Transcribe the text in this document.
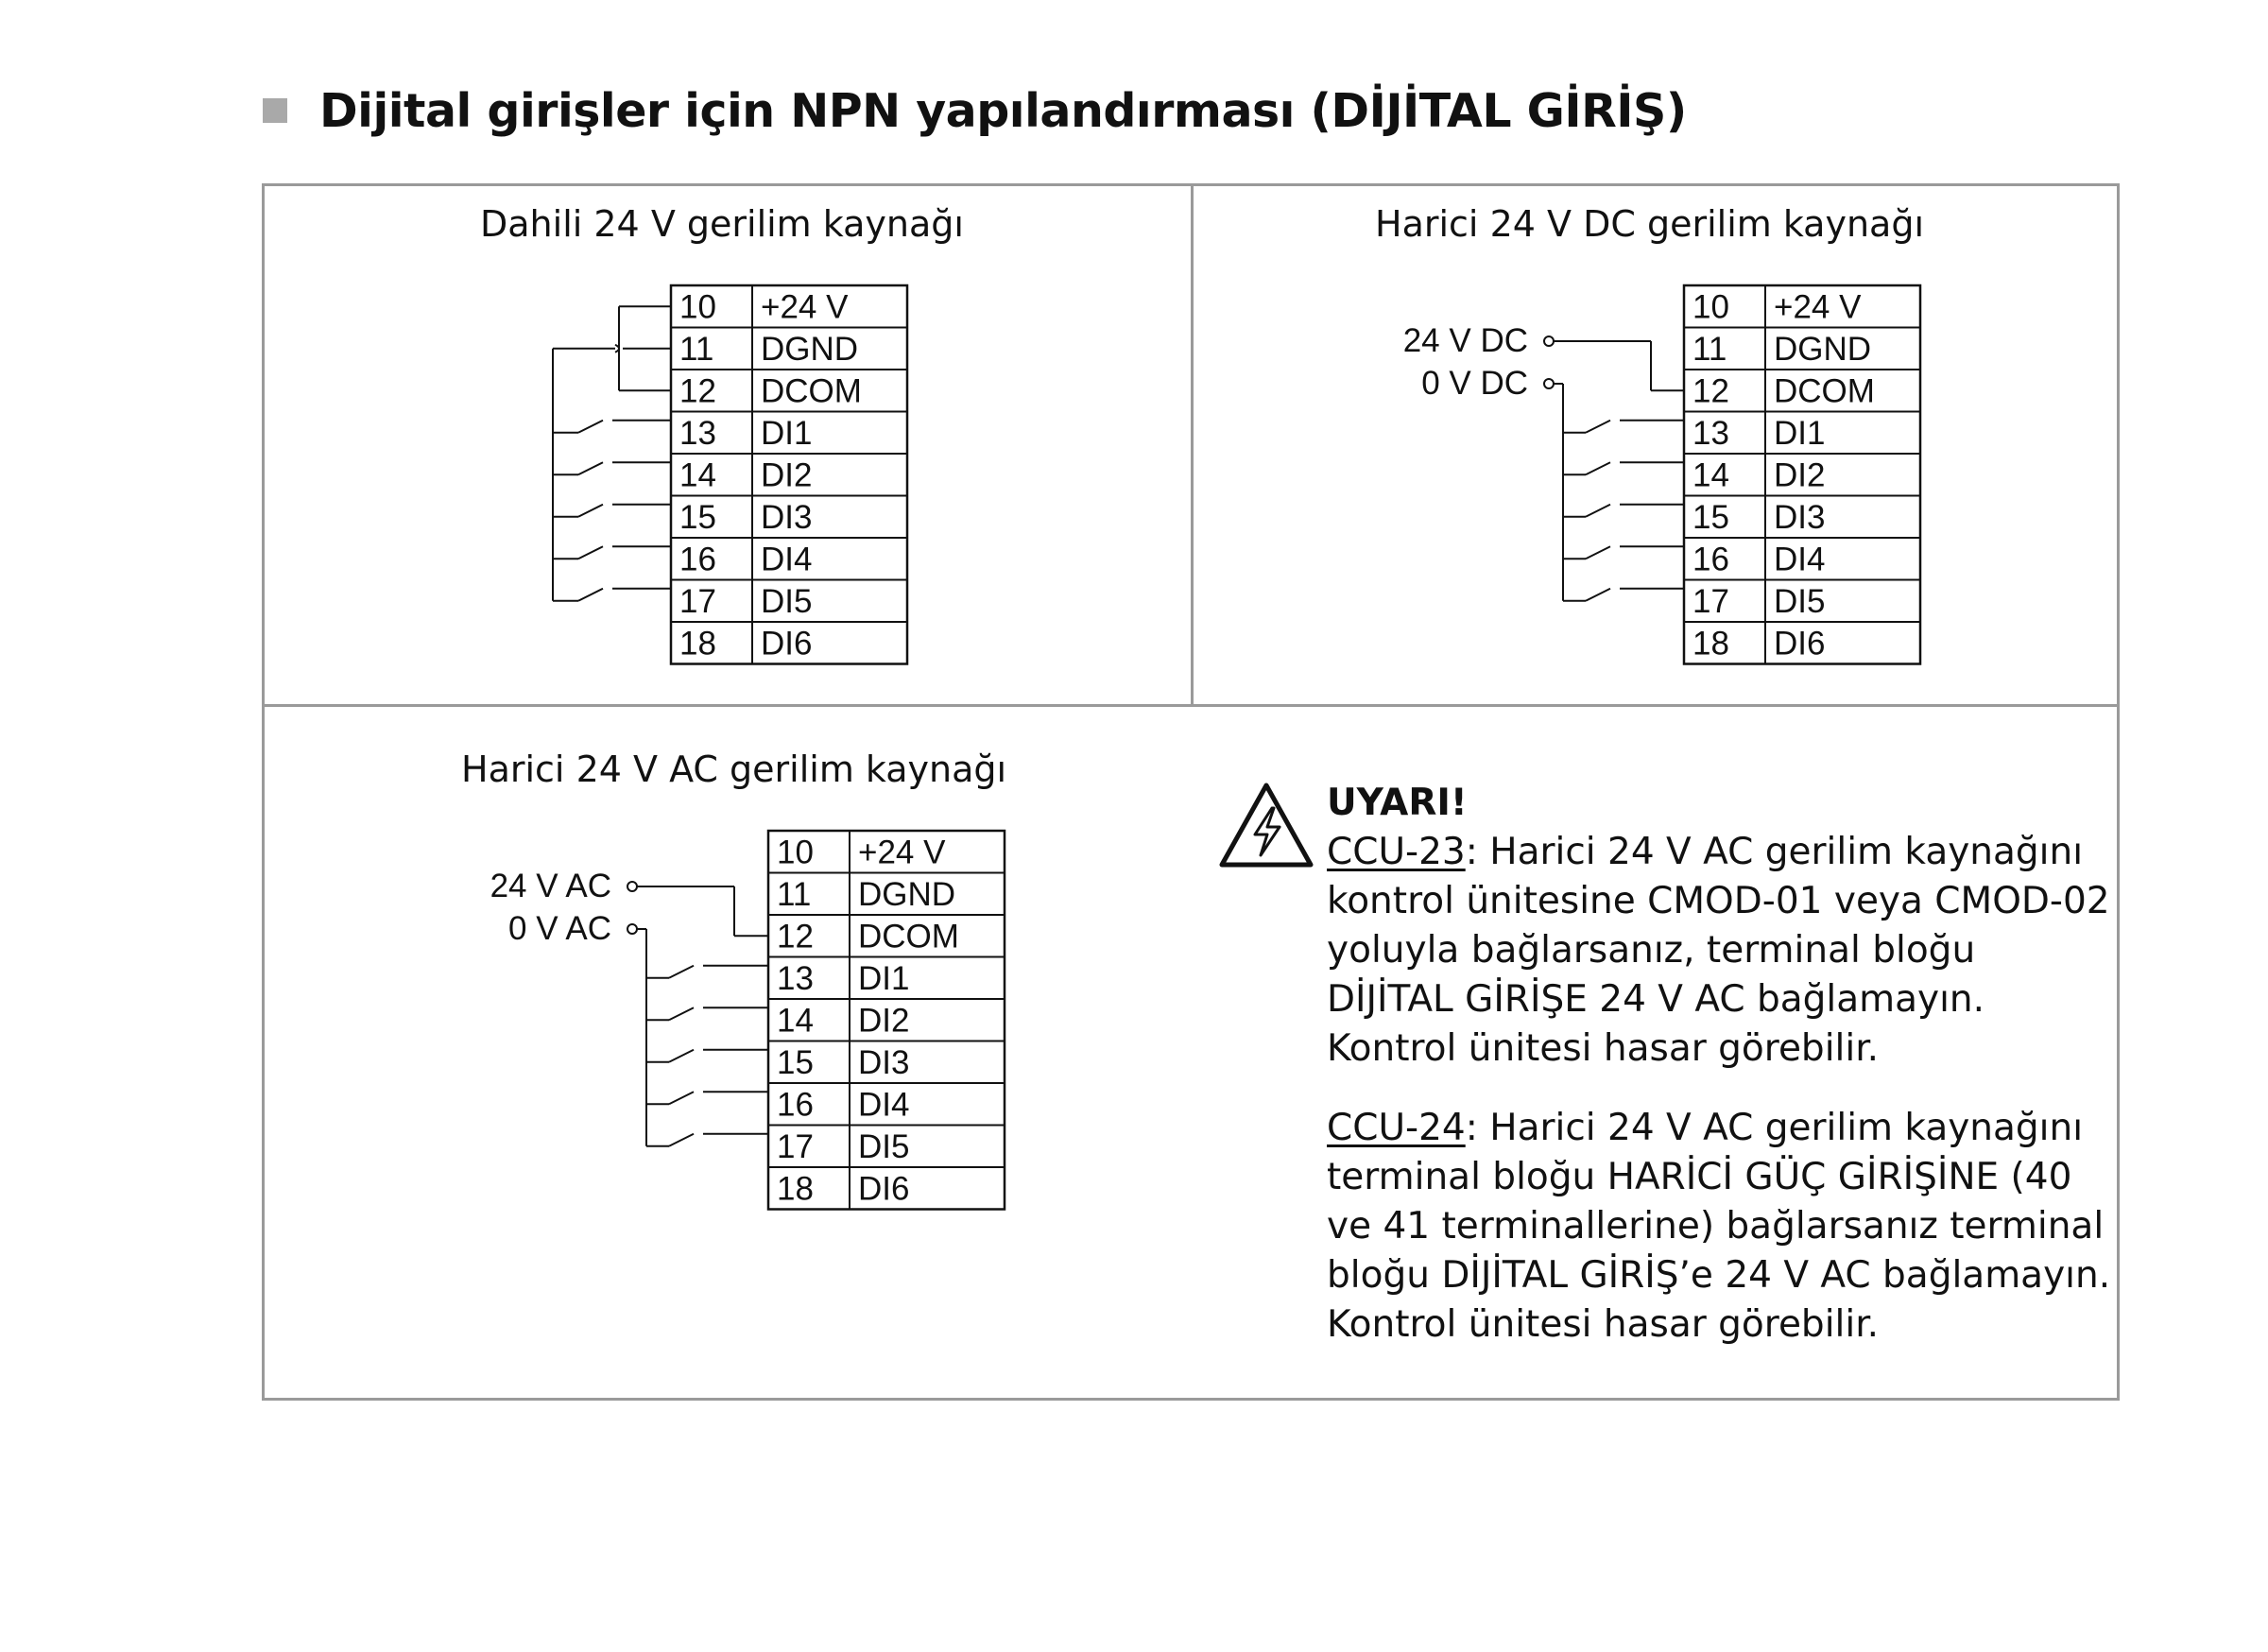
Dijital girişler için NPN yapılandırması (DİJİTAL GİRİŞ)
Dahili 24 V gerilim kaynağı
10 +24 V
11 DGND
12 DCOM
13 DI1
14 DI2
15 DI3
16 DI4
17 DI5
18 DI6
Harici 24 V DC gerilim kaynağı
24 V DC
0 V DC
10 +24 V
11 DGND
12 DCOM
13 DI1
14 DI2
15 DI3
16 DI4
17 DI5
18 DI6
Harici 24 V AC gerilim kaynağı
24 V AC
0 V AC
10 +24 V
11 DGND
12 DCOM
13 DI1
14 DI2
15 DI3
16 DI4
17 DI5
18 DI6

UYARI!

CCU-23: Harici 24 V AC gerilim kaynağını kontrol ünitesine CMOD-01 veya CMOD-02 yoluyla bağlarsanız, terminal bloğu DİJİTAL GİRİŞE 24 V AC bağlamayın. Kontrol ünitesi hasar görebilir.

CCU-24: Harici 24 V AC gerilim kaynağını terminal bloğu HARİCİ GÜÇ GİRİŞİNE (40 ve 41 terminallerine) bağlarsanız terminal bloğu DİJİTAL GİRİŞ’e 24 V AC bağlamayın. Kontrol ünitesi hasar görebilir.
